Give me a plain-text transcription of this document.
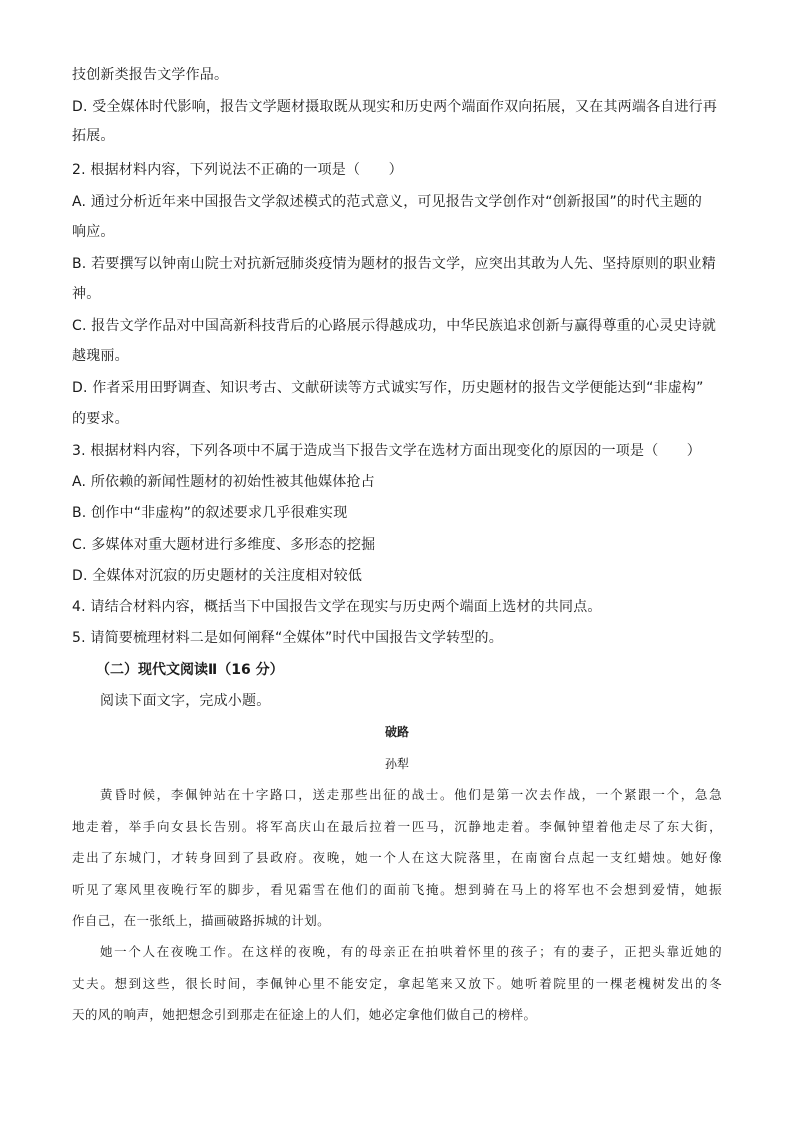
技创新类报告文学作品。
D. 受全媒体时代影响，报告文学题材摄取既从现实和历史两个端面作双向拓展，又在其两端各自进行再
拓展。
2. 根据材料内容，下列说法不正确的一项是（　　）
A. 通过分析近年来中国报告文学叙述模式的范式意义，可见报告文学创作对“创新报国”的时代主题的
响应。
B. 若要撰写以钟南山院士对抗新冠肺炎疫情为题材的报告文学，应突出其敢为人先、坚持原则的职业精
神。
C. 报告文学作品对中国高新科技背后的心路展示得越成功，中华民族追求创新与赢得尊重的心灵史诗就
越瑰丽。
D. 作者采用田野调查、知识考古、文献研读等方式诚实写作，历史题材的报告文学便能达到“非虚构”
的要求。
3. 根据材料内容，下列各项中不属于造成当下报告文学在选材方面出现变化的原因的一项是（　　）
A. 所依赖的新闻性题材的初始性被其他媒体抢占
B. 创作中“非虚构”的叙述要求几乎很难实现
C. 多媒体对重大题材进行多维度、多形态的挖掘
D. 全媒体对沉寂的历史题材的关注度相对较低
4. 请结合材料内容，概括当下中国报告文学在现实与历史两个端面上选材的共同点。
5. 请简要梳理材料二是如何阐释“全媒体”时代中国报告文学转型的。
（二）现代文阅读Ⅱ（16 分）
阅读下面文字，完成小题。
破路
孙犁
黄昏时候，李佩钟站在十字路口，送走那些出征的战士。他们是第一次去作战，一个紧跟一个，急急
地走着，举手向女县长告别。将军高庆山在最后拉着一匹马，沉静地走着。李佩钟望着他走尽了东大街，
走出了东城门，才转身回到了县政府。夜晚，她一个人在这大院落里，在南窗台点起一支红蜡烛。她好像
听见了寒风里夜晚行军的脚步，看见霜雪在他们的面前飞掩。想到骑在马上的将军也不会想到爱情，她振
作自己，在一张纸上，描画破路拆城的计划。
她一个人在夜晚工作。在这样的夜晚，有的母亲正在拍哄着怀里的孩子；有的妻子，正把头靠近她的
丈夫。想到这些，很长时间，李佩钟心里不能安定，拿起笔来又放下。她听着院里的一棵老槐树发出的冬
天的风的响声，她把想念引到那走在征途上的人们，她必定拿他们做自己的榜样。
